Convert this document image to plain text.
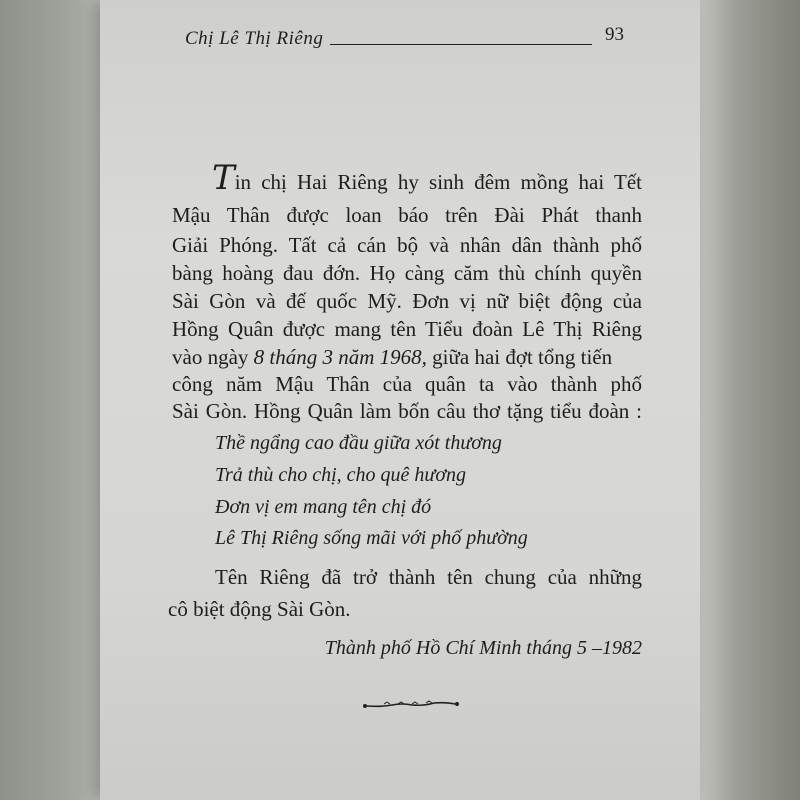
Chị Lê Thị Riêng	93
Tin chị Hai Riêng hy sinh đêm mồng hai Tết
Mậu Thân được loan báo trên Đài Phát thanh
Giải Phóng. Tất cả cán bộ và nhân dân thành phố
bàng hoàng đau đớn. Họ càng căm thù chính quyền
Sài Gòn và đế quốc Mỹ. Đơn vị nữ biệt động của
Hồng Quân được mang tên Tiểu đoàn Lê Thị Riêng
vào ngày 8 tháng 3 năm 1968, giữa hai đợt tổng tiến
công năm Mậu Thân của quân ta vào thành phố
Sài Gòn. Hồng Quân làm bốn câu thơ tặng tiểu đoàn :
Thề ngẩng cao đầu giữa xót thương
Trả thù cho chị, cho quê hương
Đơn vị em mang tên chị đó
Lê Thị Riêng sống mãi với phố phường
Tên Riêng đã trở thành tên chung của những
cô biệt động Sài Gòn.
Thành phố Hồ Chí Minh tháng 5 –1982
